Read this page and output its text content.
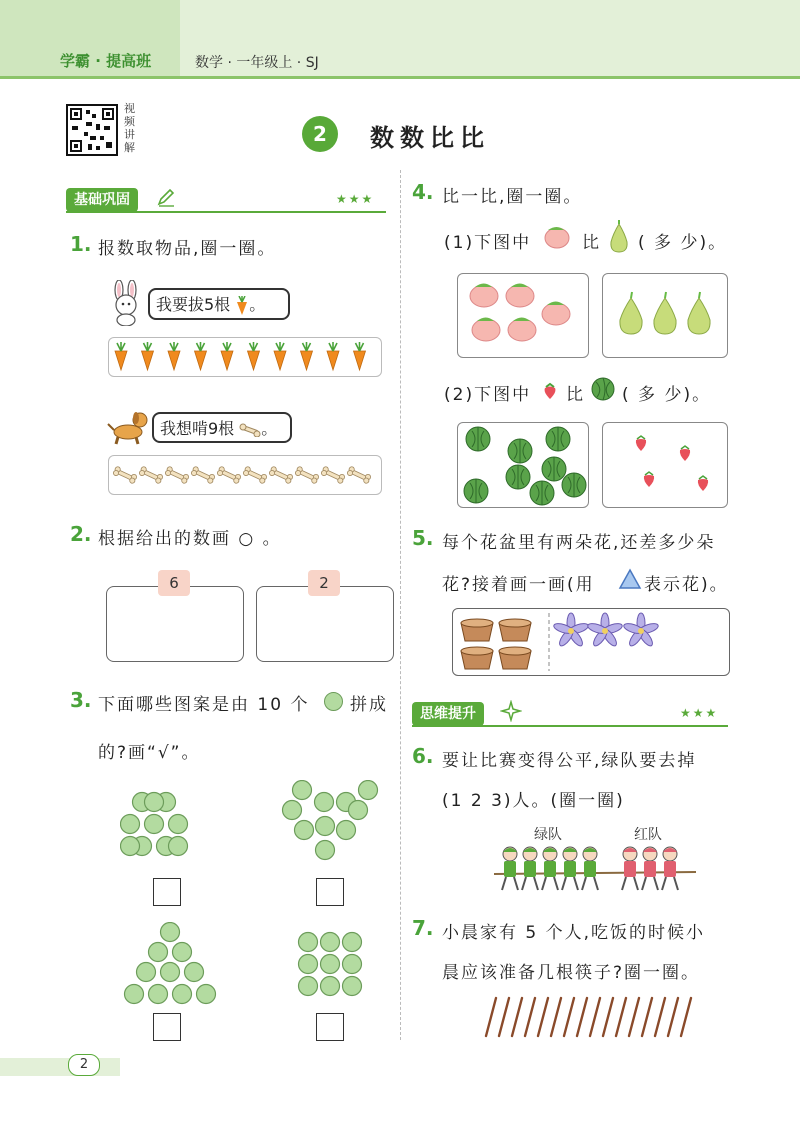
学霸 · 提高班	数学 · 一年级上 · SJ
视频讲解
2	数数比比
基础巩固	★★★
1. 报数取物品,圈一圈。
我要拔5根 。
我想啃9根 。
2. 根据给出的数画 ○ 。
6	2
3. 下面哪些图案是由 10 个 拼成
的?画“√”。
4. 比一比,圈一圈。
(1)下图中	比 ( 多 少)。
(2)下图中 比 ( 多 少)。
5. 每个花盆里有两朵花,还差多少朵
花?接着画一画(用	表示花)。
思维提升	★★★
6. 要让比赛变得公平,绿队要去掉
(1 2 3)人。(圈一圈)
绿队	红队
7. 小晨家有 5 个人,吃饭的时候小
晨应该准备几根筷子?圈一圈。
2
